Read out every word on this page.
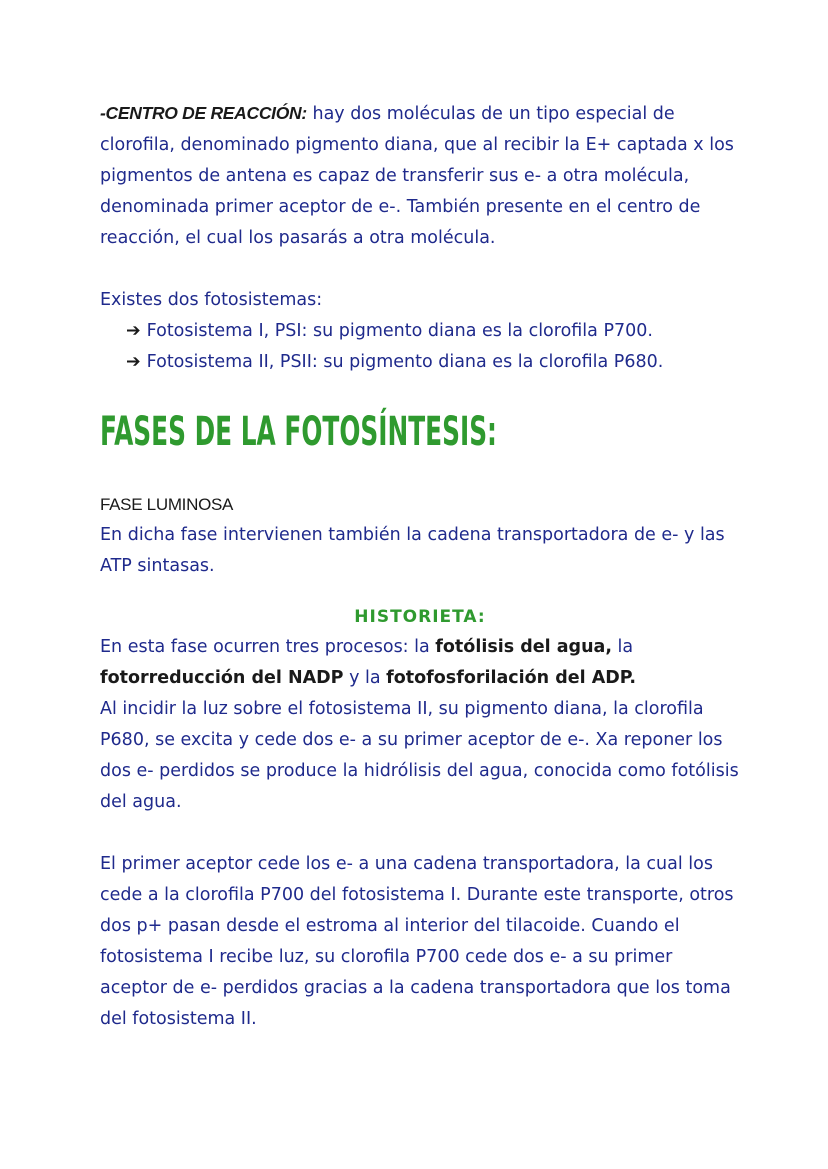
-CENTRO DE REACCIÓN: hay dos moléculas de un tipo especial de clorofila, denominado pigmento diana, que al recibir la E+ captada x los pigmentos de antena es capaz de transferir sus e- a otra molécula, denominada primer aceptor de e-. También presente en el centro de reacción, el cual los pasarás a otra molécula.

Existes dos fotosistemas:

➔ Fotosistema I, PSI: su pigmento diana es la clorofila P700.
➔ Fotosistema II, PSII: su pigmento diana es la clorofila P680.
FASES DE LA FOTOSÍNTESIS:

FASE LUMINOSA

En dicha fase intervienen también la cadena transportadora de e- y las ATP sintasas.

HISTORIETA:

En esta fase ocurren tres procesos: la fotólisis del agua, la fotorreducción del NADP y la fotofosforilación del ADP.

Al incidir la luz sobre el fotosistema II, su pigmento diana, la clorofila P680, se excita y cede dos e- a su primer aceptor de e-. Xa reponer los dos e- perdidos se produce la hidrólisis del agua, conocida como fotólisis del agua.

El primer aceptor cede los e- a una cadena transportadora, la cual los cede a la clorofila P700 del fotosistema I. Durante este transporte, otros dos p+ pasan desde el estroma al interior del tilacoide. Cuando el fotosistema I recibe luz, su clorofila P700 cede dos e- a su primer aceptor de e- perdidos gracias a la cadena transportadora que los toma del fotosistema II.
